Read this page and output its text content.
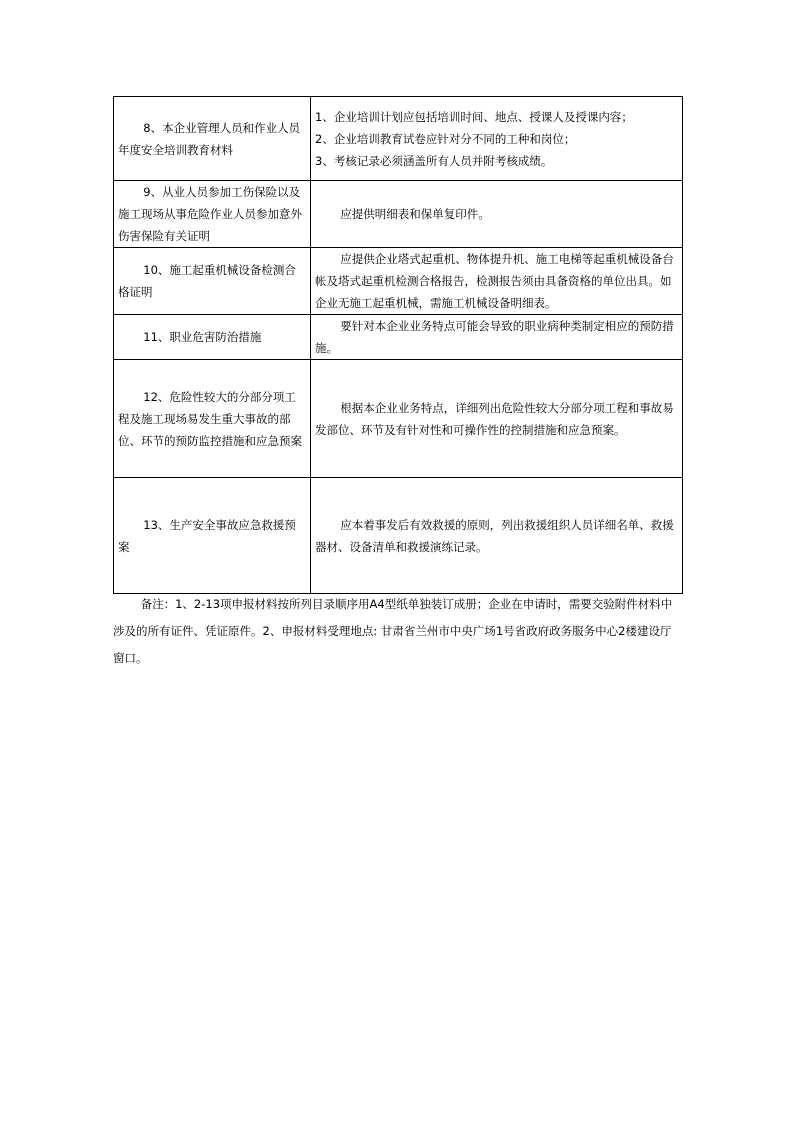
8、本企业管理人员和作业人员年度安全培训教育材料	1、企业培训计划应包括培训时间、地点、授课人及授课内容；
2、企业培训教育试卷应针对分不同的工种和岗位；
3、考核记录必须涵盖所有人员并附考核成绩。

9、从业人员参加工伤保险以及施工现场从事危险作业人员参加意外伤害保险有关证明	应提供明细表和保单复印件。
10、施工起重机械设备检测合格证明	应提供企业塔式起重机、物体提升机、施工电梯等起重机械设备台帐及塔式起重机检测合格报告，检测报告须由具备资格的单位出具。如企业无施工起重机械，需施工机械设备明细表。
11、职业危害防治措施	要针对本企业业务特点可能会导致的职业病种类制定相应的预防措施。
12、危险性较大的分部分项工程及施工现场易发生重大事故的部位、环节的预防监控措施和应急预案	根据本企业业务特点，详细列出危险性较大分部分项工程和事故易发部位、环节及有针对性和可操作性的控制措施和应急预案。
13、生产安全事故应急救援预案	应本着事发后有效救援的原则，列出救援组织人员详细名单、救援器材、设备清单和救援演练记录。

备注：1、2-13项申报材料按所列目录顺序用A4型纸单独装订成册；企业在申请时，需要交验附件材料中涉及的所有证件、凭证原件。2、申报材料受理地点: 甘肃省兰州市中央广场1号省政府政务服务中心2楼建设厅窗口。
